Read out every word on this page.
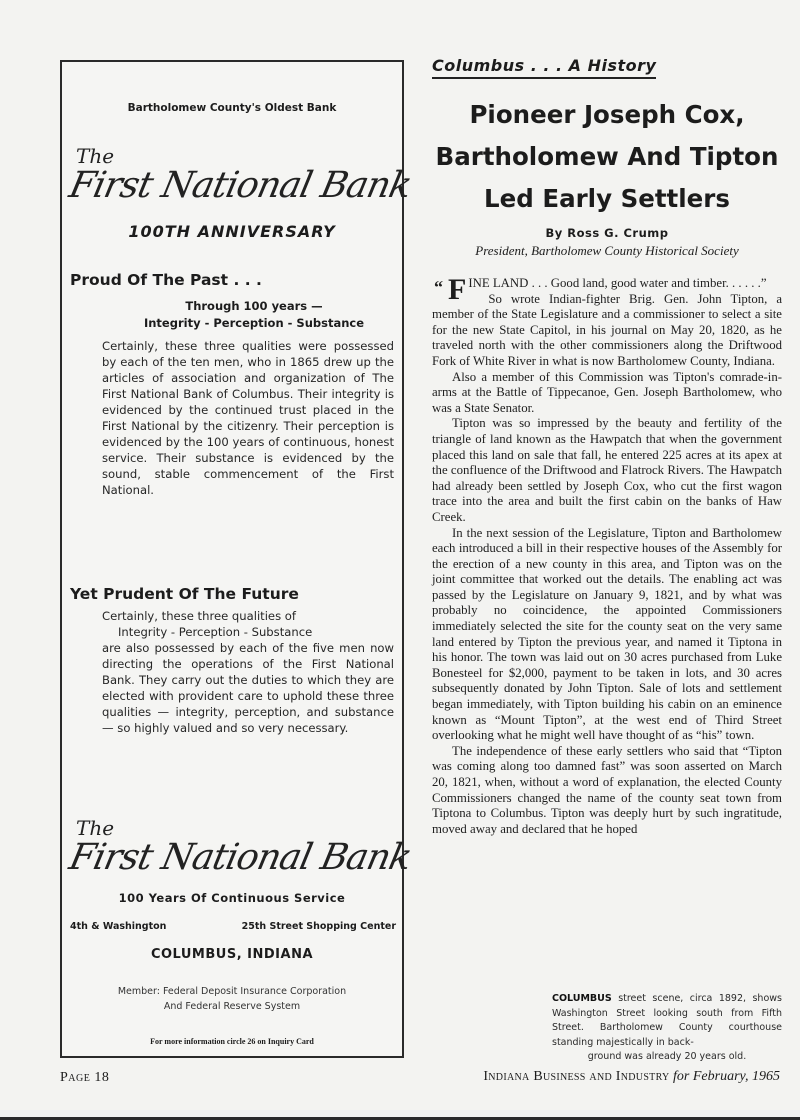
Bartholomew County's Oldest Bank
The
First National Bank
100TH ANNIVERSARY
Proud Of The Past . . .
Through 100 years —
Integrity - Perception - Substance
Certainly, these three qualities were possessed by each of the ten men, who in 1865 drew up the articles of association and organization of The First National Bank of Columbus. Their integrity is evidenced by the continued trust placed in the First National by the citizenry. Their perception is evidenced by the 100 years of continuous, honest service. Their substance is evidenced by the sound, stable commencement of the First National.
Yet Prudent Of The Future
Certainly, these three qualities of
Integrity - Perception - Substance
are also possessed by each of the five men now directing the operations of the First National Bank. They carry out the duties to which they are elected with provident care to uphold these three qualities — integrity, perception, and substance — so highly valued and so very necessary.
The
First National Bank
100 Years Of Continuous Service
4th & Washington	25th Street Shopping Center
COLUMBUS, INDIANA
Member: Federal Deposit Insurance Corporation
And Federal Reserve System
For more information circle 26 on Inquiry Card
Page 18
Columbus . . . A History
Pioneer Joseph Cox,
Bartholomew And Tipton
Led Early Settlers
By Ross G. Crump
President, Bartholomew County Historical Society

“ F INE LAND . . . Good land, good water and timber. . . . . .”

So wrote Indian-fighter Brig. Gen. John Tipton, a member of the State Legislature and a commissioner to select a site for the new State Capitol, in his journal on May 20, 1820, as he traveled north with the other commissioners along the Driftwood Fork of White River in what is now Bartholomew County, Indiana.

Also a member of this Commission was Tipton's comrade-in-arms at the Battle of Tippecanoe, Gen. Joseph Bartholomew, who was a State Senator.

Tipton was so impressed by the beauty and fertility of the triangle of land known as the Hawpatch that when the government placed this land on sale that fall, he entered 225 acres at its apex at the confluence of the Driftwood and Flatrock Rivers. The Hawpatch had already been settled by Joseph Cox, who cut the first wagon trace into the area and built the first cabin on the banks of Haw Creek.

In the next session of the Legislature, Tipton and Bartholomew each introduced a bill in their respective houses of the Assembly for the erection of a new county in this area, and Tipton was on the joint committee that worked out the details. The enabling act was passed by the Legislature on January 9, 1821, and by what was probably no coincidence, the appointed Commissioners immediately selected the site for the county seat on the very same land entered by Tipton the previous year, and named it Tiptona in his honor. The town was laid out on 30 acres purchased from Luke Bonesteel for $2,000, payment to be taken in lots, and 30 acres subsequently donated by John Tipton. Sale of lots and settlement began immediately, with Tipton building his cabin on an eminence known as “Mount Tipton”, at the west end of Third Street overlooking what he might well have thought of as “his” town.

The independence of these early settlers who said that “Tipton was coming along too damned fast” was soon asserted on March 20, 1821, when, without a word of explanation, the elected County Commissioners changed the name of the county seat town from Tiptona to Columbus. Tipton was deeply hurt by such ingratitude, moved away and declared that he hoped

COLUMBUS street scene, circa 1892, shows Washington Street looking south from Fifth Street. Bartholomew County courthouse standing majestically in back-
ground was already 20 years old.
Indiana Business and Industry for February, 1965
